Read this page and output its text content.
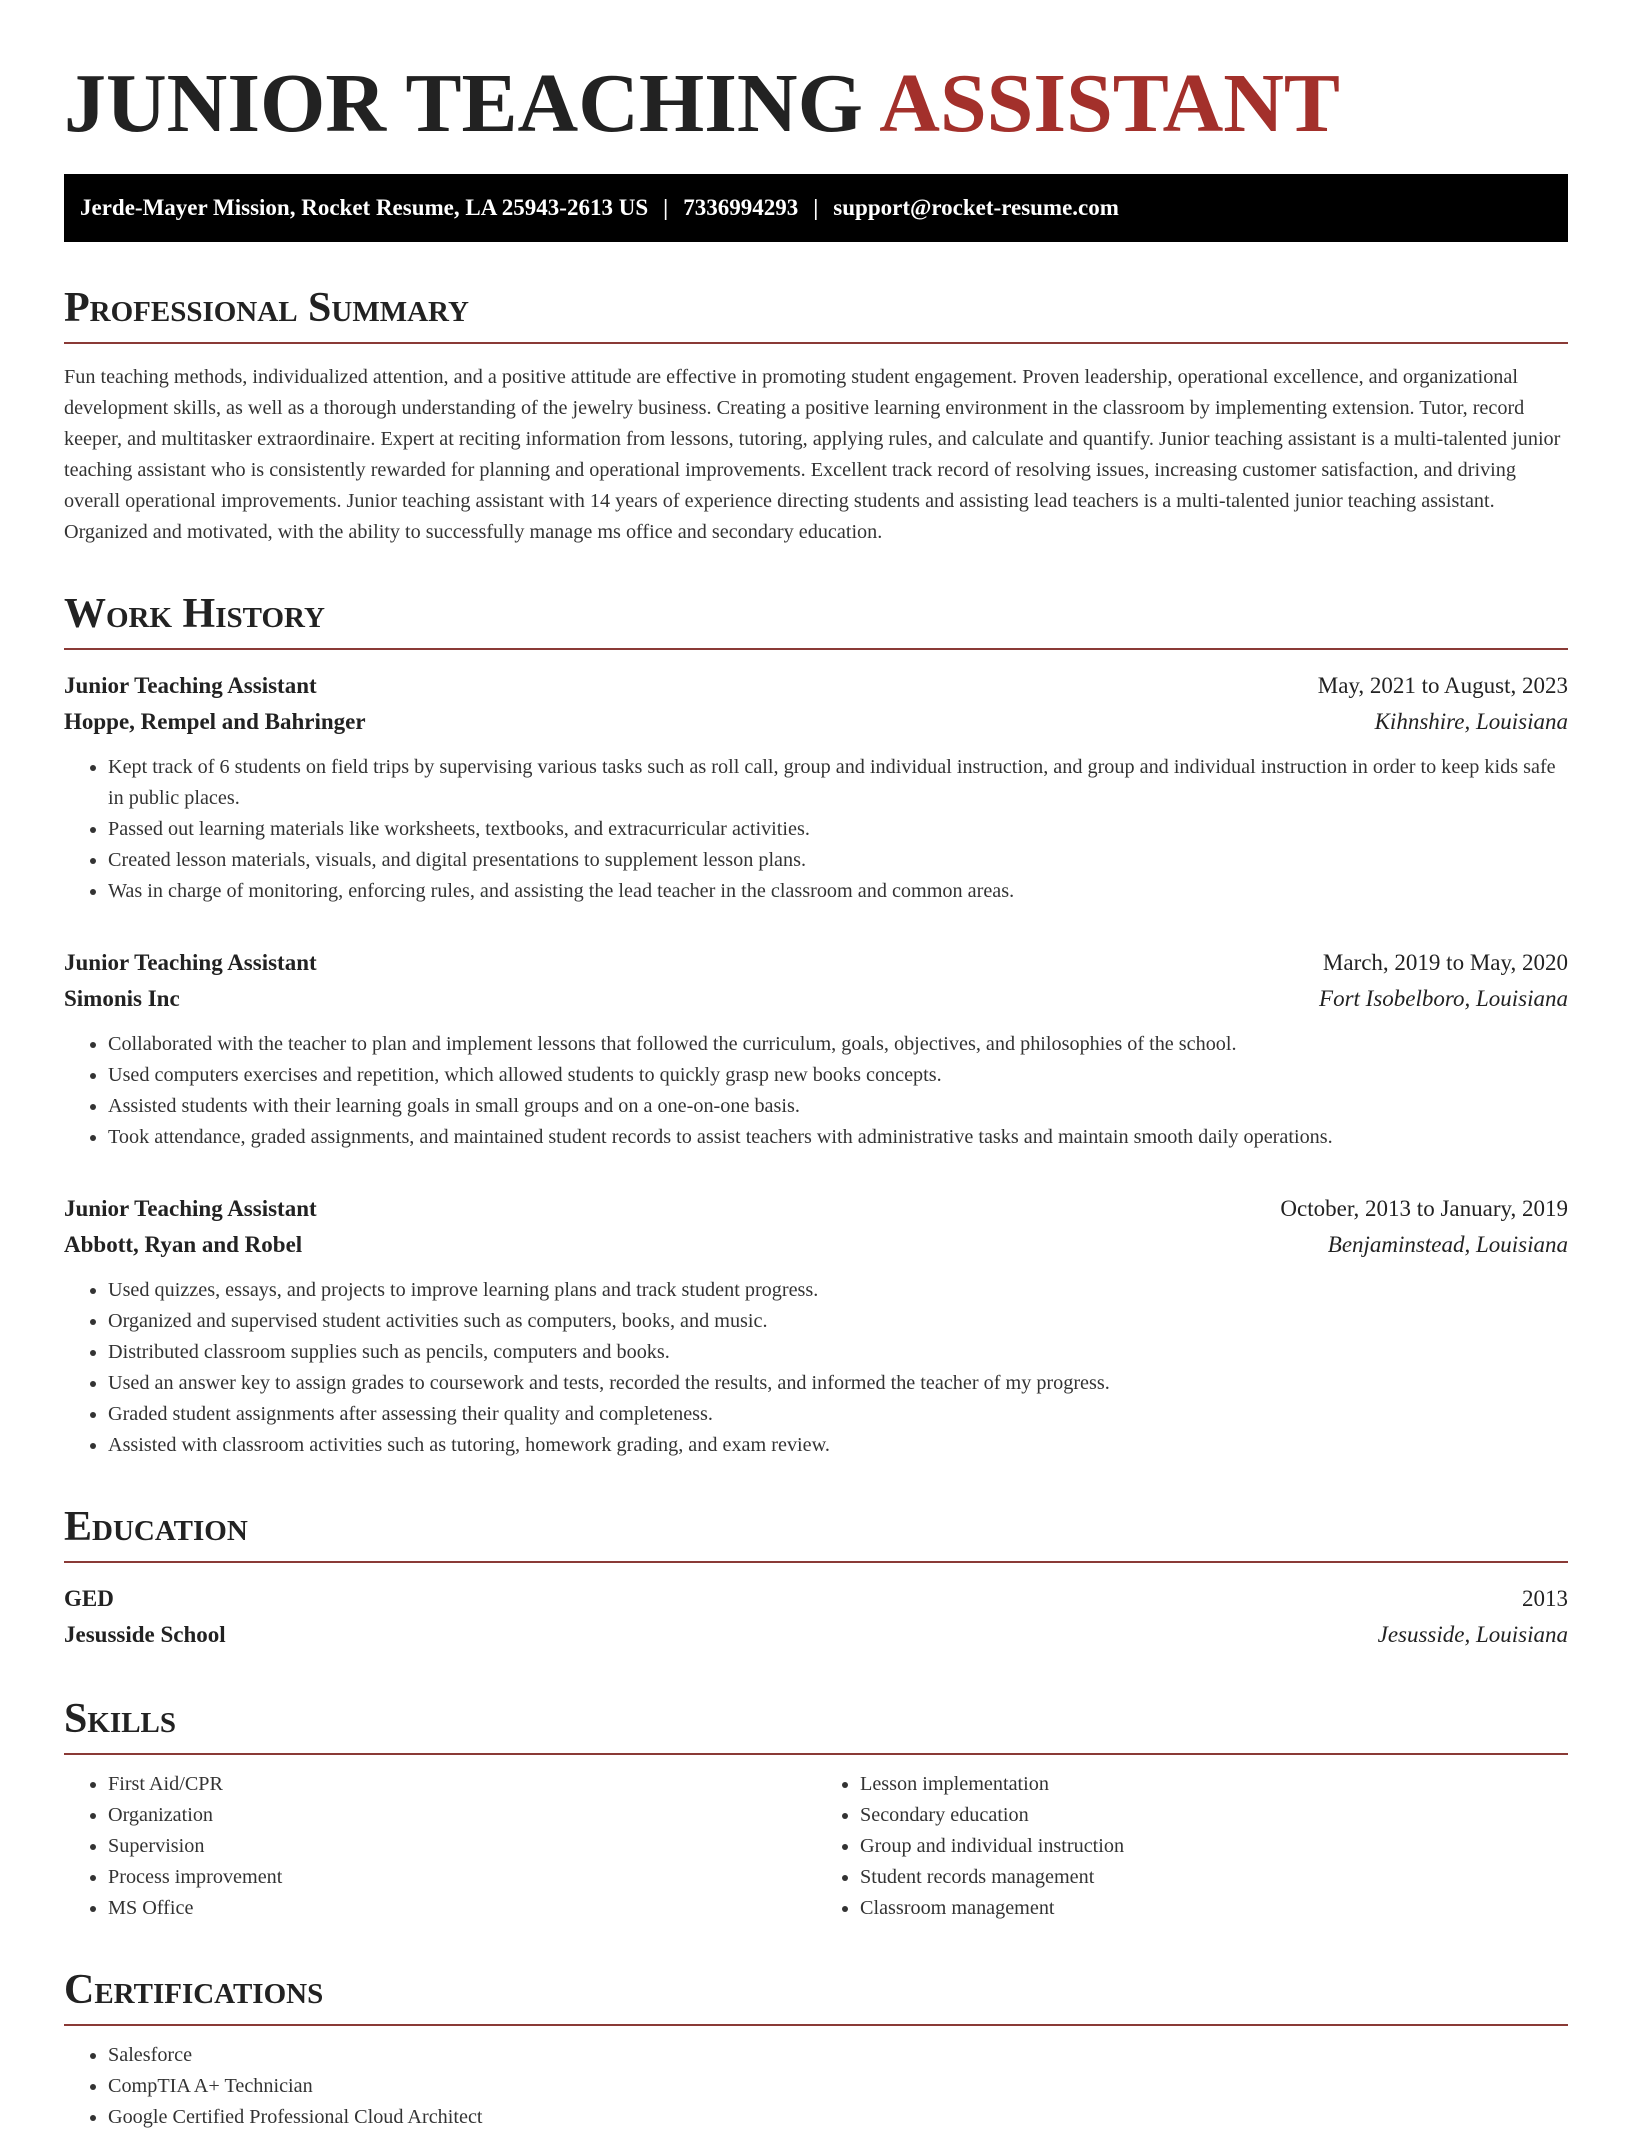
JUNIOR TEACHING ASSISTANT
Jerde-Mayer Mission, Rocket Resume, LA 25943-2613 US | 7336994293 | support@rocket-resume.com
Professional Summary

Fun teaching methods, individualized attention, and a positive attitude are effective in promoting student engagement. Proven leadership, operational excellence, and organizational development skills, as well as a thorough understanding of the jewelry business. Creating a positive learning environment in the classroom by implementing extension. Tutor, record keeper, and multitasker extraordinaire. Expert at reciting information from lessons, tutoring, applying rules, and calculate and quantify. Junior teaching assistant is a multi-talented junior teaching assistant who is consistently rewarded for planning and operational improvements. Excellent track record of resolving issues, increasing customer satisfaction, and driving overall operational improvements. Junior teaching assistant with 14 years of experience directing students and assisting lead teachers is a multi-talented junior teaching assistant. Organized and motivated, with the ability to successfully manage ms office and secondary education.

Work History
Junior Teaching Assistant	May, 2021 to August, 2023
Hoppe, Rempel and Bahringer	Kihnshire, Louisiana
• Kept track of 6 students on field trips by supervising various tasks such as roll call, group and individual instruction, and group and individual instruction in order to keep kids safe in public places.
• Passed out learning materials like worksheets, textbooks, and extracurricular activities.
• Created lesson materials, visuals, and digital presentations to supplement lesson plans.
• Was in charge of monitoring, enforcing rules, and assisting the lead teacher in the classroom and common areas.
Junior Teaching Assistant	March, 2019 to May, 2020
Simonis Inc	Fort Isobelboro, Louisiana
• Collaborated with the teacher to plan and implement lessons that followed the curriculum, goals, objectives, and philosophies of the school.
• Used computers exercises and repetition, which allowed students to quickly grasp new books concepts.
• Assisted students with their learning goals in small groups and on a one-on-one basis.
• Took attendance, graded assignments, and maintained student records to assist teachers with administrative tasks and maintain smooth daily operations.
Junior Teaching Assistant	October, 2013 to January, 2019
Abbott, Ryan and Robel	Benjaminstead, Louisiana
• Used quizzes, essays, and projects to improve learning plans and track student progress.
• Organized and supervised student activities such as computers, books, and music.
• Distributed classroom supplies such as pencils, computers and books.
• Used an answer key to assign grades to coursework and tests, recorded the results, and informed the teacher of my progress.
• Graded student assignments after assessing their quality and completeness.
• Assisted with classroom activities such as tutoring, homework grading, and exam review.
Education
GED	2013
Jesusside School	Jesusside, Louisiana
Skills
• First Aid/CPR
• Organization
• Supervision
• Process improvement
• MS Office
• Lesson implementation
• Secondary education
• Group and individual instruction
• Student records management
• Classroom management
Certifications
• Salesforce
• CompTIA A+ Technician
• Google Certified Professional Cloud Architect
